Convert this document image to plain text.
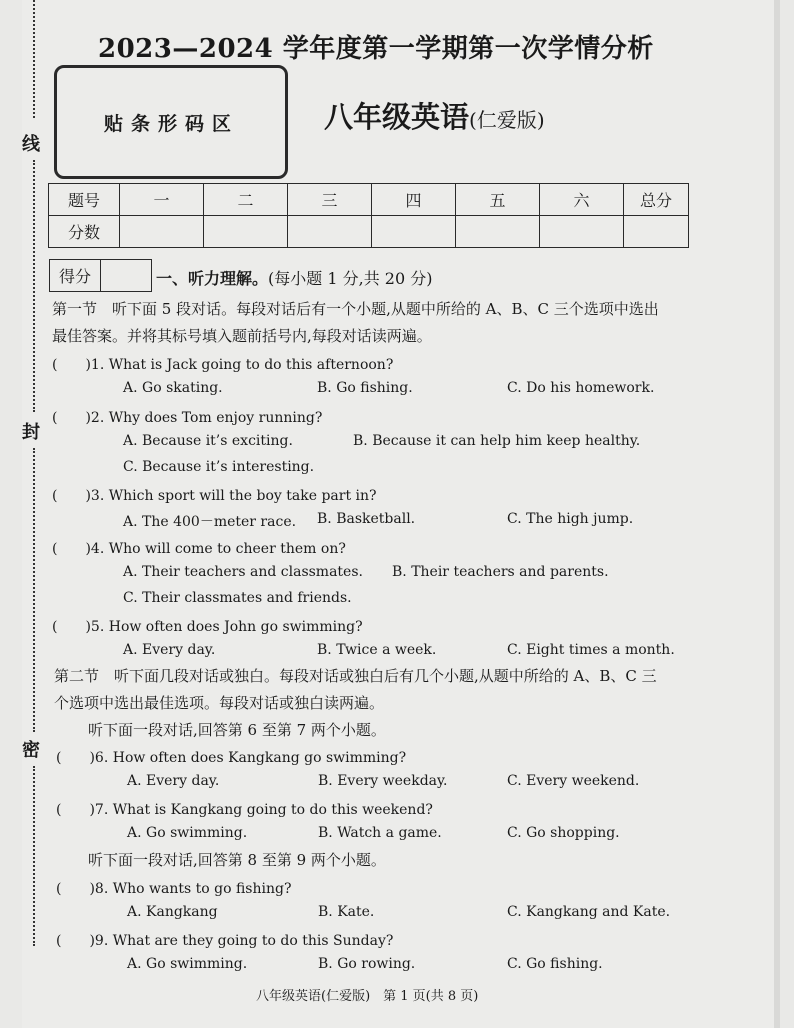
线
封
密
2023—2024 学年度第一学期第一次学情分析
贴条形码区	八年级英语(仁爱版)
题号	一	二	三	四	五	六	总分
分数							
得分		一、听力理解。(每小题 1 分,共 20 分)
第一节　听下面 5 段对话。每段对话后有一个小题,从题中所给的 A、B、C 三个选项中选出
最佳答案。并将其标号填入题前括号内,每段对话读两遍。
(　　)1. What is Jack going to do this afternoon?
A. Go skating.	B. Go fishing.	C. Do his homework.
(　　)2. Why does Tom enjoy running?
A. Because it’s exciting.	B. Because it can help him keep healthy.
C. Because it’s interesting.
(　　)3. Which sport will the boy take part in?
A. The 400－meter race. B. Basketball.	C. The high jump.
(　　)4. Who will come to cheer them on?
A. Their teachers and classmates. B. Their teachers and parents.
C. Their classmates and friends.
(　　)5. How often does John go swimming?
A. Every day.	B. Twice a week.	C. Eight times a month.
第二节　听下面几段对话或独白。每段对话或独白后有几个小题,从题中所给的 A、B、C 三
个选项中选出最佳选项。每段对话或独白读两遍。
听下面一段对话,回答第 6 至第 7 两个小题。
(　　)6. How often does Kangkang go swimming?
A. Every day.	B. Every weekday.	C. Every weekend.
(　　)7. What is Kangkang going to do this weekend?
A. Go swimming.	B. Watch a game.	C. Go shopping.
听下面一段对话,回答第 8 至第 9 两个小题。
(　　)8. Who wants to go fishing?
A. Kangkang	B. Kate.	C. Kangkang and Kate.
(　　)9. What are they going to do this Sunday?
A. Go swimming.	B. Go rowing.	C. Go fishing.
八年级英语(仁爱版)　第 1 页(共 8 页)
